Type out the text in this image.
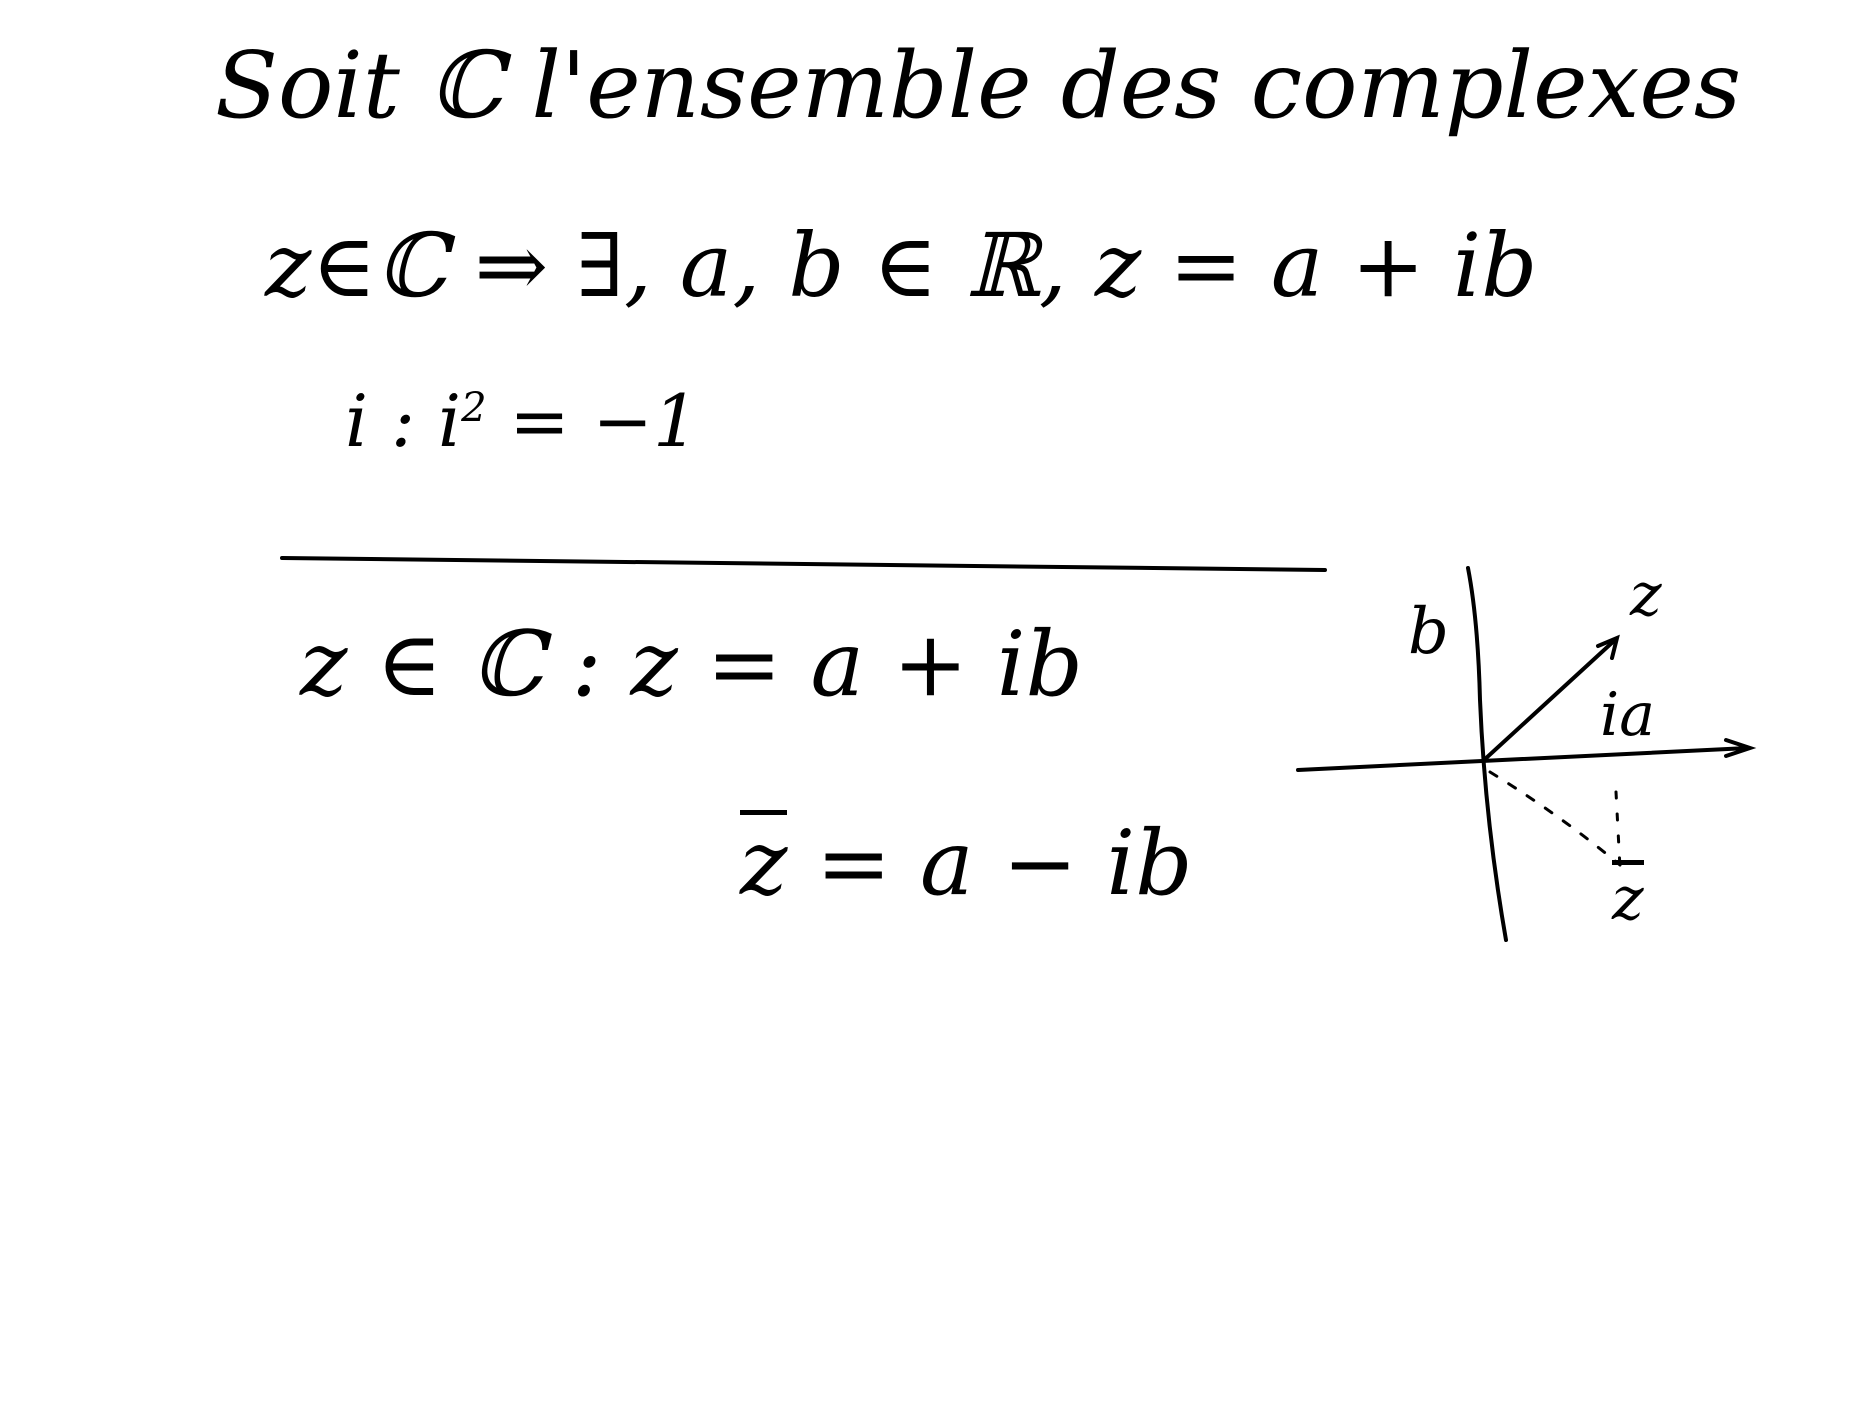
Soit ℂ l'ensemble des complexes
z∈ℂ ⇒ ∃, a, b ∈ ℝ, z = a + ib
i : $i^2 = -1$
z ∈ ℂ : z = a + ib
z = a − ib
b	z
ia
z
